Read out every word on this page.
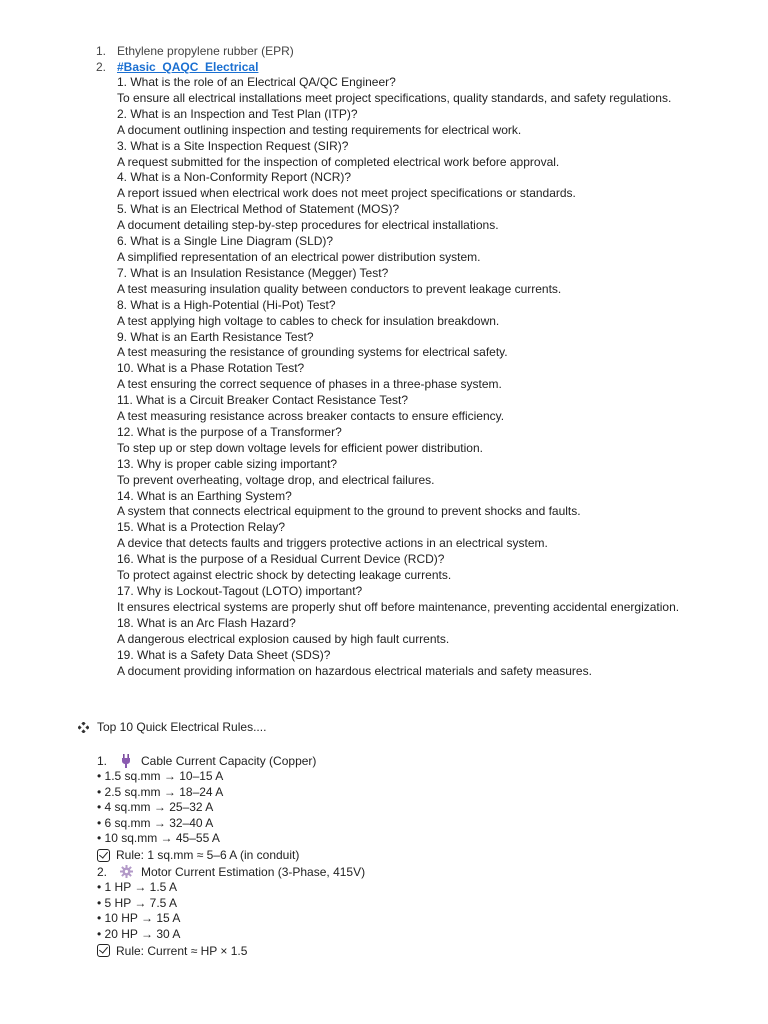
1. Ethylene propylene rubber (EPR)
2. #Basic_QAQC_Electrical
1. What is the role of an Electrical QA/QC Engineer?
To ensure all electrical installations meet project specifications, quality standards, and safety regulations.
2. What is an Inspection and Test Plan (ITP)?
A document outlining inspection and testing requirements for electrical work.
3. What is a Site Inspection Request (SIR)?
A request submitted for the inspection of completed electrical work before approval.
4. What is a Non-Conformity Report (NCR)?
A report issued when electrical work does not meet project specifications or standards.
5. What is an Electrical Method of Statement (MOS)?
A document detailing step-by-step procedures for electrical installations.
6. What is a Single Line Diagram (SLD)?
A simplified representation of an electrical power distribution system.
7. What is an Insulation Resistance (Megger) Test?
A test measuring insulation quality between conductors to prevent leakage currents.
8. What is a High-Potential (Hi-Pot) Test?
A test applying high voltage to cables to check for insulation breakdown.
9. What is an Earth Resistance Test?
A test measuring the resistance of grounding systems for electrical safety.
10. What is a Phase Rotation Test?
A test ensuring the correct sequence of phases in a three-phase system.
11. What is a Circuit Breaker Contact Resistance Test?
A test measuring resistance across breaker contacts to ensure efficiency.
12. What is the purpose of a Transformer?
To step up or step down voltage levels for efficient power distribution.
13. Why is proper cable sizing important?
To prevent overheating, voltage drop, and electrical failures.
14. What is an Earthing System?
A system that connects electrical equipment to the ground to prevent shocks and faults.
15. What is a Protection Relay?
A device that detects faults and triggers protective actions in an electrical system.
16. What is the purpose of a Residual Current Device (RCD)?
To protect against electric shock by detecting leakage currents.
17. Why is Lockout-Tagout (LOTO) important?
It ensures electrical systems are properly shut off before maintenance, preventing accidental energization.
18. What is an Arc Flash Hazard?
A dangerous electrical explosion caused by high fault currents.
19. What is a Safety Data Sheet (SDS)?
A document providing information on hazardous electrical materials and safety measures.
Top 10 Quick Electrical Rules....
1.	Cable Current Capacity (Copper)
• 1.5 sq.mm → 10–15 A
• 2.5 sq.mm → 18–24 A
• 4 sq.mm → 25–32 A
• 6 sq.mm → 32–40 A
• 10 sq.mm → 45–55 A
Rule: 1 sq.mm ≈ 5–6 A (in conduit)
2.	Motor Current Estimation (3-Phase, 415V)
• 1 HP → 1.5 A
• 5 HP → 7.5 A
• 10 HP → 15 A
• 20 HP → 30 A
Rule: Current ≈ HP × 1.5
